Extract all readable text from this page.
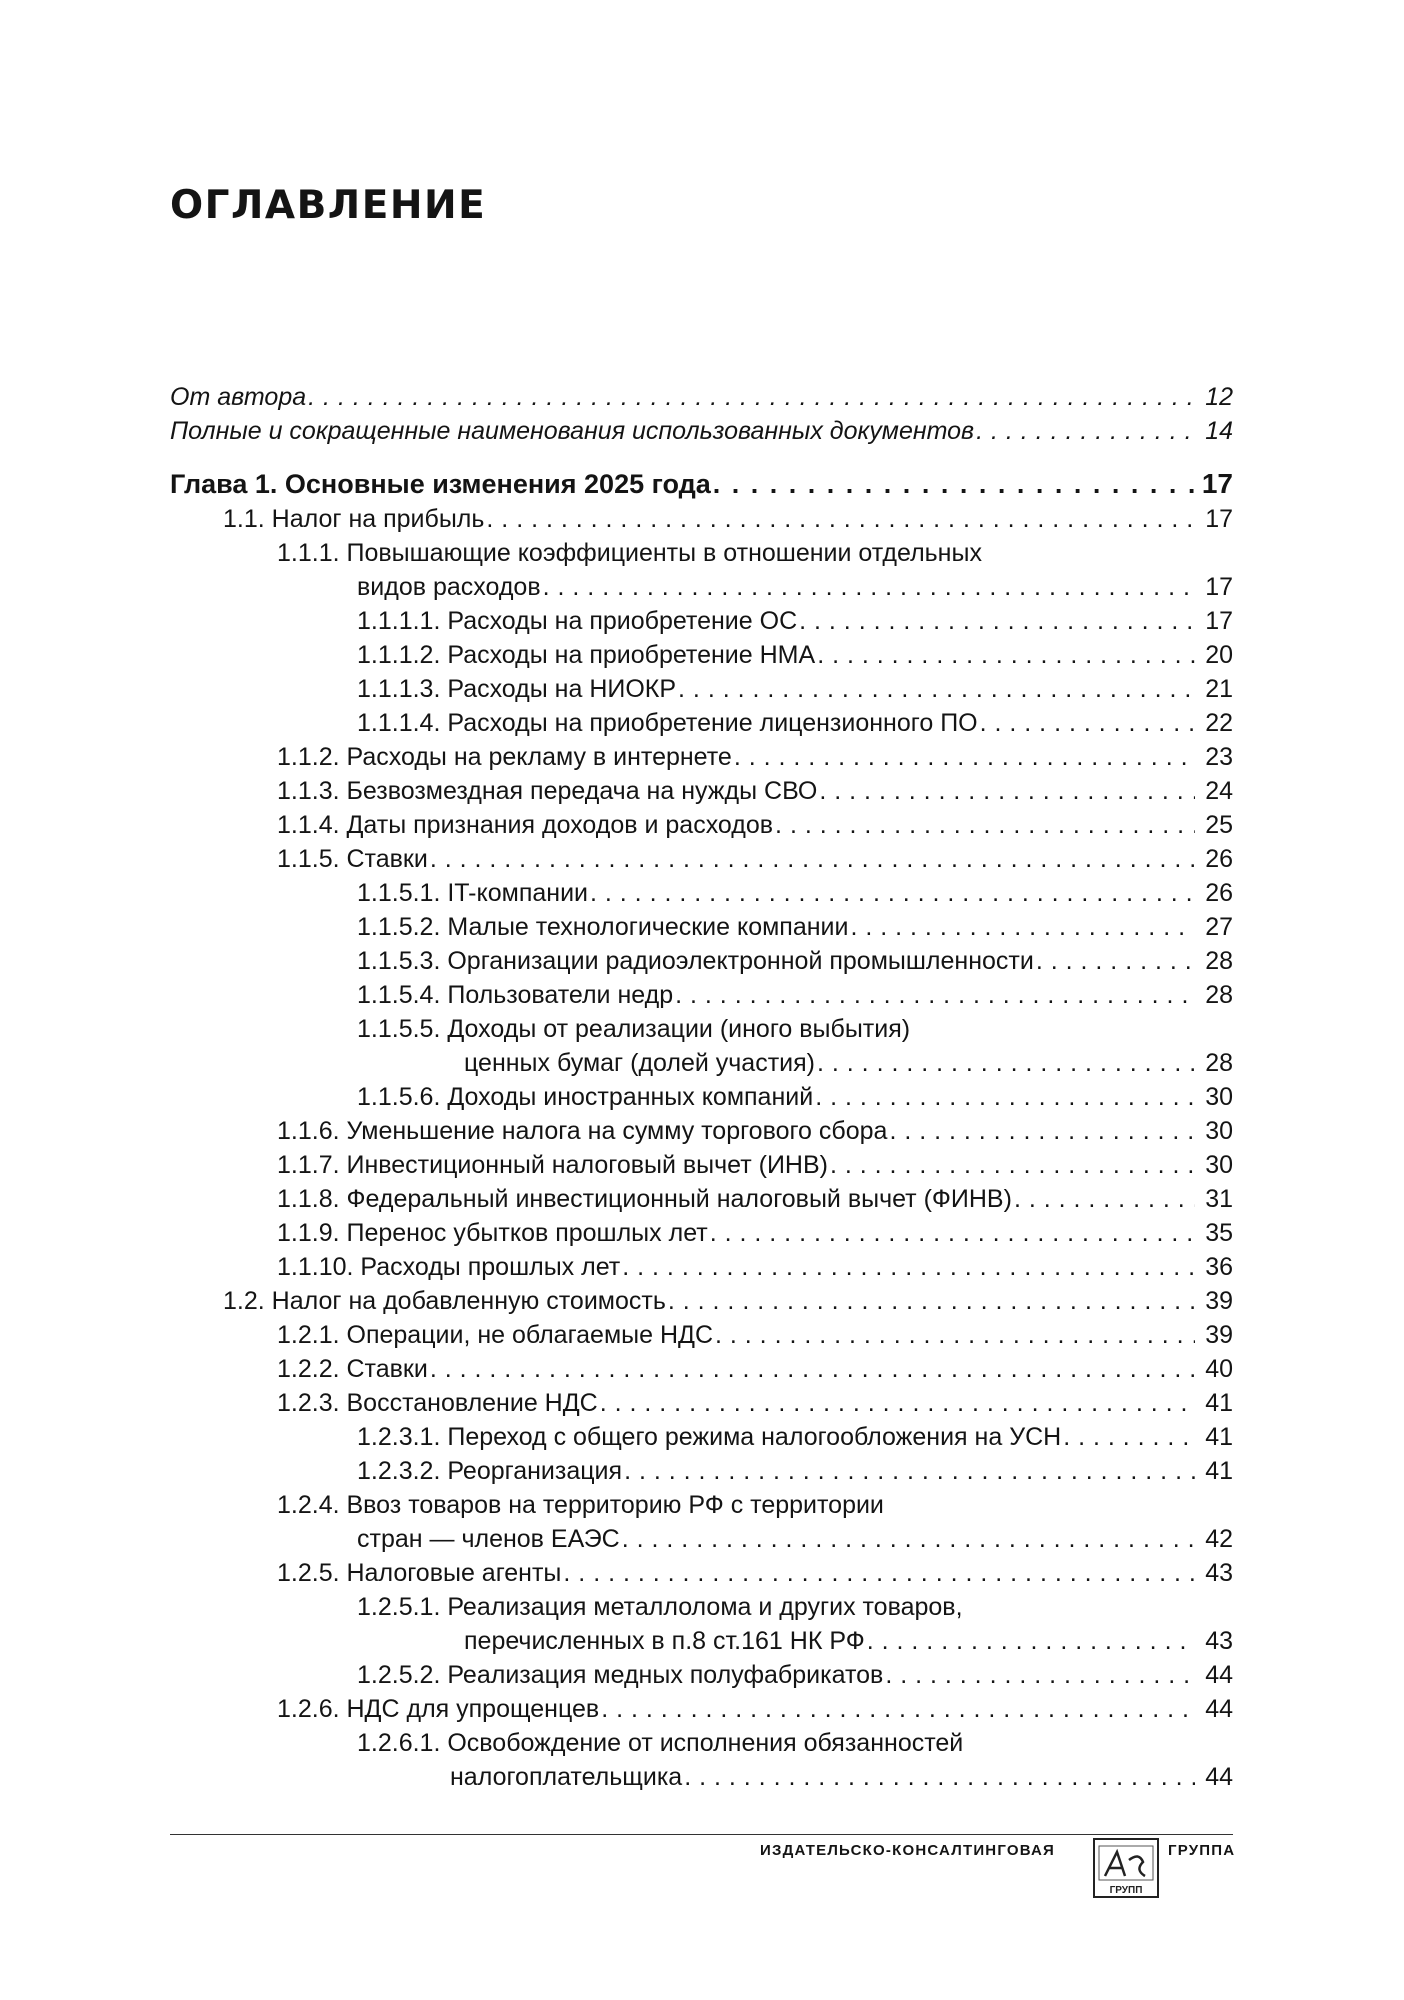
ОГЛАВЛЕНИЕ
От автора . . .	12
Полные и сокращенные наименования использованных документов . . .	14
Глава 1. Основные изменения 2025 года . . .	17
1.1. Налог на прибыль . . .	17
1.1.1. Повышающие коэффициенты в отношении отдельных
видов расходов . . .	17
1.1.1.1. Расходы на приобретение ОС . . .	17
1.1.1.2. Расходы на приобретение НМА . . .	20
1.1.1.3. Расходы на НИОКР . . .	21
1.1.1.4. Расходы на приобретение лицензионного ПО . . .	22
1.1.2. Расходы на рекламу в интернете . . .	23
1.1.3. Безвозмездная передача на нужды СВО . . .	24
1.1.4. Даты признания доходов и расходов . . .	25
1.1.5. Ставки . . .	26
1.1.5.1. IT-компании . . .	26
1.1.5.2. Малые технологические компании . . .	27
1.1.5.3. Организации радиоэлектронной промышленности . . .	28
1.1.5.4. Пользователи недр . . .	28
1.1.5.5. Доходы от реализации (иного выбытия)
ценных бумаг (долей участия) . . .	28
1.1.5.6. Доходы иностранных компаний . . .	30
1.1.6. Уменьшение налога на сумму торгового сбора . . .	30
1.1.7. Инвестиционный налоговый вычет (ИНВ) . . .	30
1.1.8. Федеральный инвестиционный налоговый вычет (ФИНВ) . . .	31
1.1.9. Перенос убытков прошлых лет . . .	35
1.1.10. Расходы прошлых лет . . .	36
1.2. Налог на добавленную стоимость . . .	39
1.2.1. Операции, не облагаемые НДС . . .	39
1.2.2. Ставки . . .	40
1.2.3. Восстановление НДС . . .	41
1.2.3.1. Переход с общего режима налогообложения на УСН . . .	41
1.2.3.2. Реорганизация . . .	41
1.2.4. Ввоз товаров на территорию РФ с территории
стран — членов ЕАЭС . . .	42
1.2.5. Налоговые агенты . . .	43
1.2.5.1. Реализация металлолома и других товаров,
перечисленных в п.8 ст.161 НК РФ . . .	43
1.2.5.2. Реализация медных полуфабрикатов . . .	44
1.2.6. НДС для упрощенцев . . .	44
1.2.6.1. Освобождение от исполнения обязанностей
налогоплательщика . . .	44
ИЗДАТЕЛЬСКО-КОНСАЛТИНГОВАЯ
ГРУПП
ГРУППА
